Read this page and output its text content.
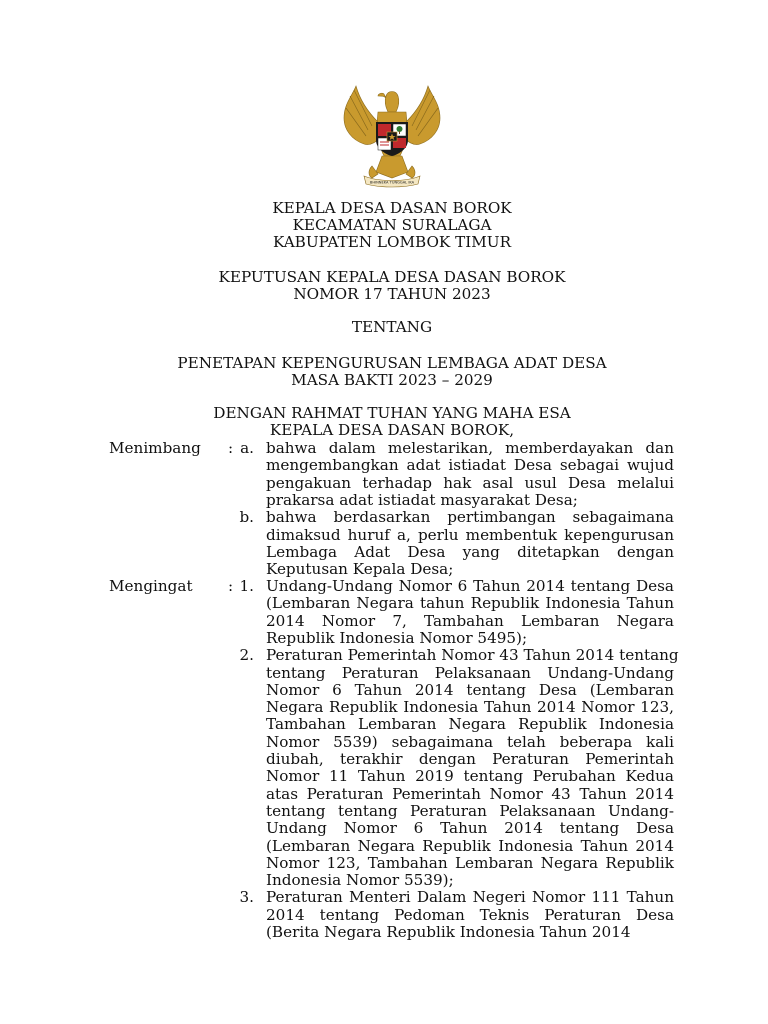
BHINNEKA TUNGGAL IKA
KEPALA DESA DASAN BOROK
KECAMATAN SURALAGA
KABUPATEN LOMBOK TIMUR
KEPUTUSAN KEPALA DESA DASAN BOROK
NOMOR 17 TAHUN 2023
TENTANG
PENETAPAN KEPENGURUSAN LEMBAGA ADAT DESA
MASA BAKTI 2023 – 2029
DENGAN RAHMAT TUHAN YANG MAHA ESA
KEPALA DESA DASAN BOROK,
Menimbang : a. bahwa dalam melestarikan, memberdayakan dan
mengembangkan adat istiadat Desa sebagai wujud
pengakuan terhadap hak asal usul Desa melalui
prakarsa adat istiadat masyarakat Desa;
b. bahwa berdasarkan pertimbangan sebagaimana
dimaksud huruf a, perlu membentuk kepengurusan
Lembaga Adat Desa yang ditetapkan dengan
Keputusan Kepala Desa;
Mengingat : 1. Undang-Undang Nomor 6 Tahun 2014 tentang Desa
(Lembaran Negara tahun Republik Indonesia Tahun
2014 Nomor 7, Tambahan Lembaran Negara
Republik Indonesia Nomor 5495);
2. Peraturan Pemerintah Nomor 43 Tahun 2014 tentang
tentang Peraturan Pelaksanaan Undang-Undang
Nomor 6 Tahun 2014 tentang Desa (Lembaran
Negara Republik Indonesia Tahun 2014 Nomor 123,
Tambahan Lembaran Negara Republik Indonesia
Nomor 5539) sebagaimana telah beberapa kali
diubah, terakhir dengan Peraturan Pemerintah
Nomor 11 Tahun 2019 tentang Perubahan Kedua
atas Peraturan Pemerintah Nomor 43 Tahun 2014
tentang tentang Peraturan Pelaksanaan Undang-
Undang Nomor 6 Tahun 2014 tentang Desa
(Lembaran Negara Republik Indonesia Tahun 2014
Nomor 123, Tambahan Lembaran Negara Republik
Indonesia Nomor 5539);
3. Peraturan Menteri Dalam Negeri Nomor 111 Tahun
2014 tentang Pedoman Teknis Peraturan Desa
(Berita Negara Republik Indonesia Tahun 2014
